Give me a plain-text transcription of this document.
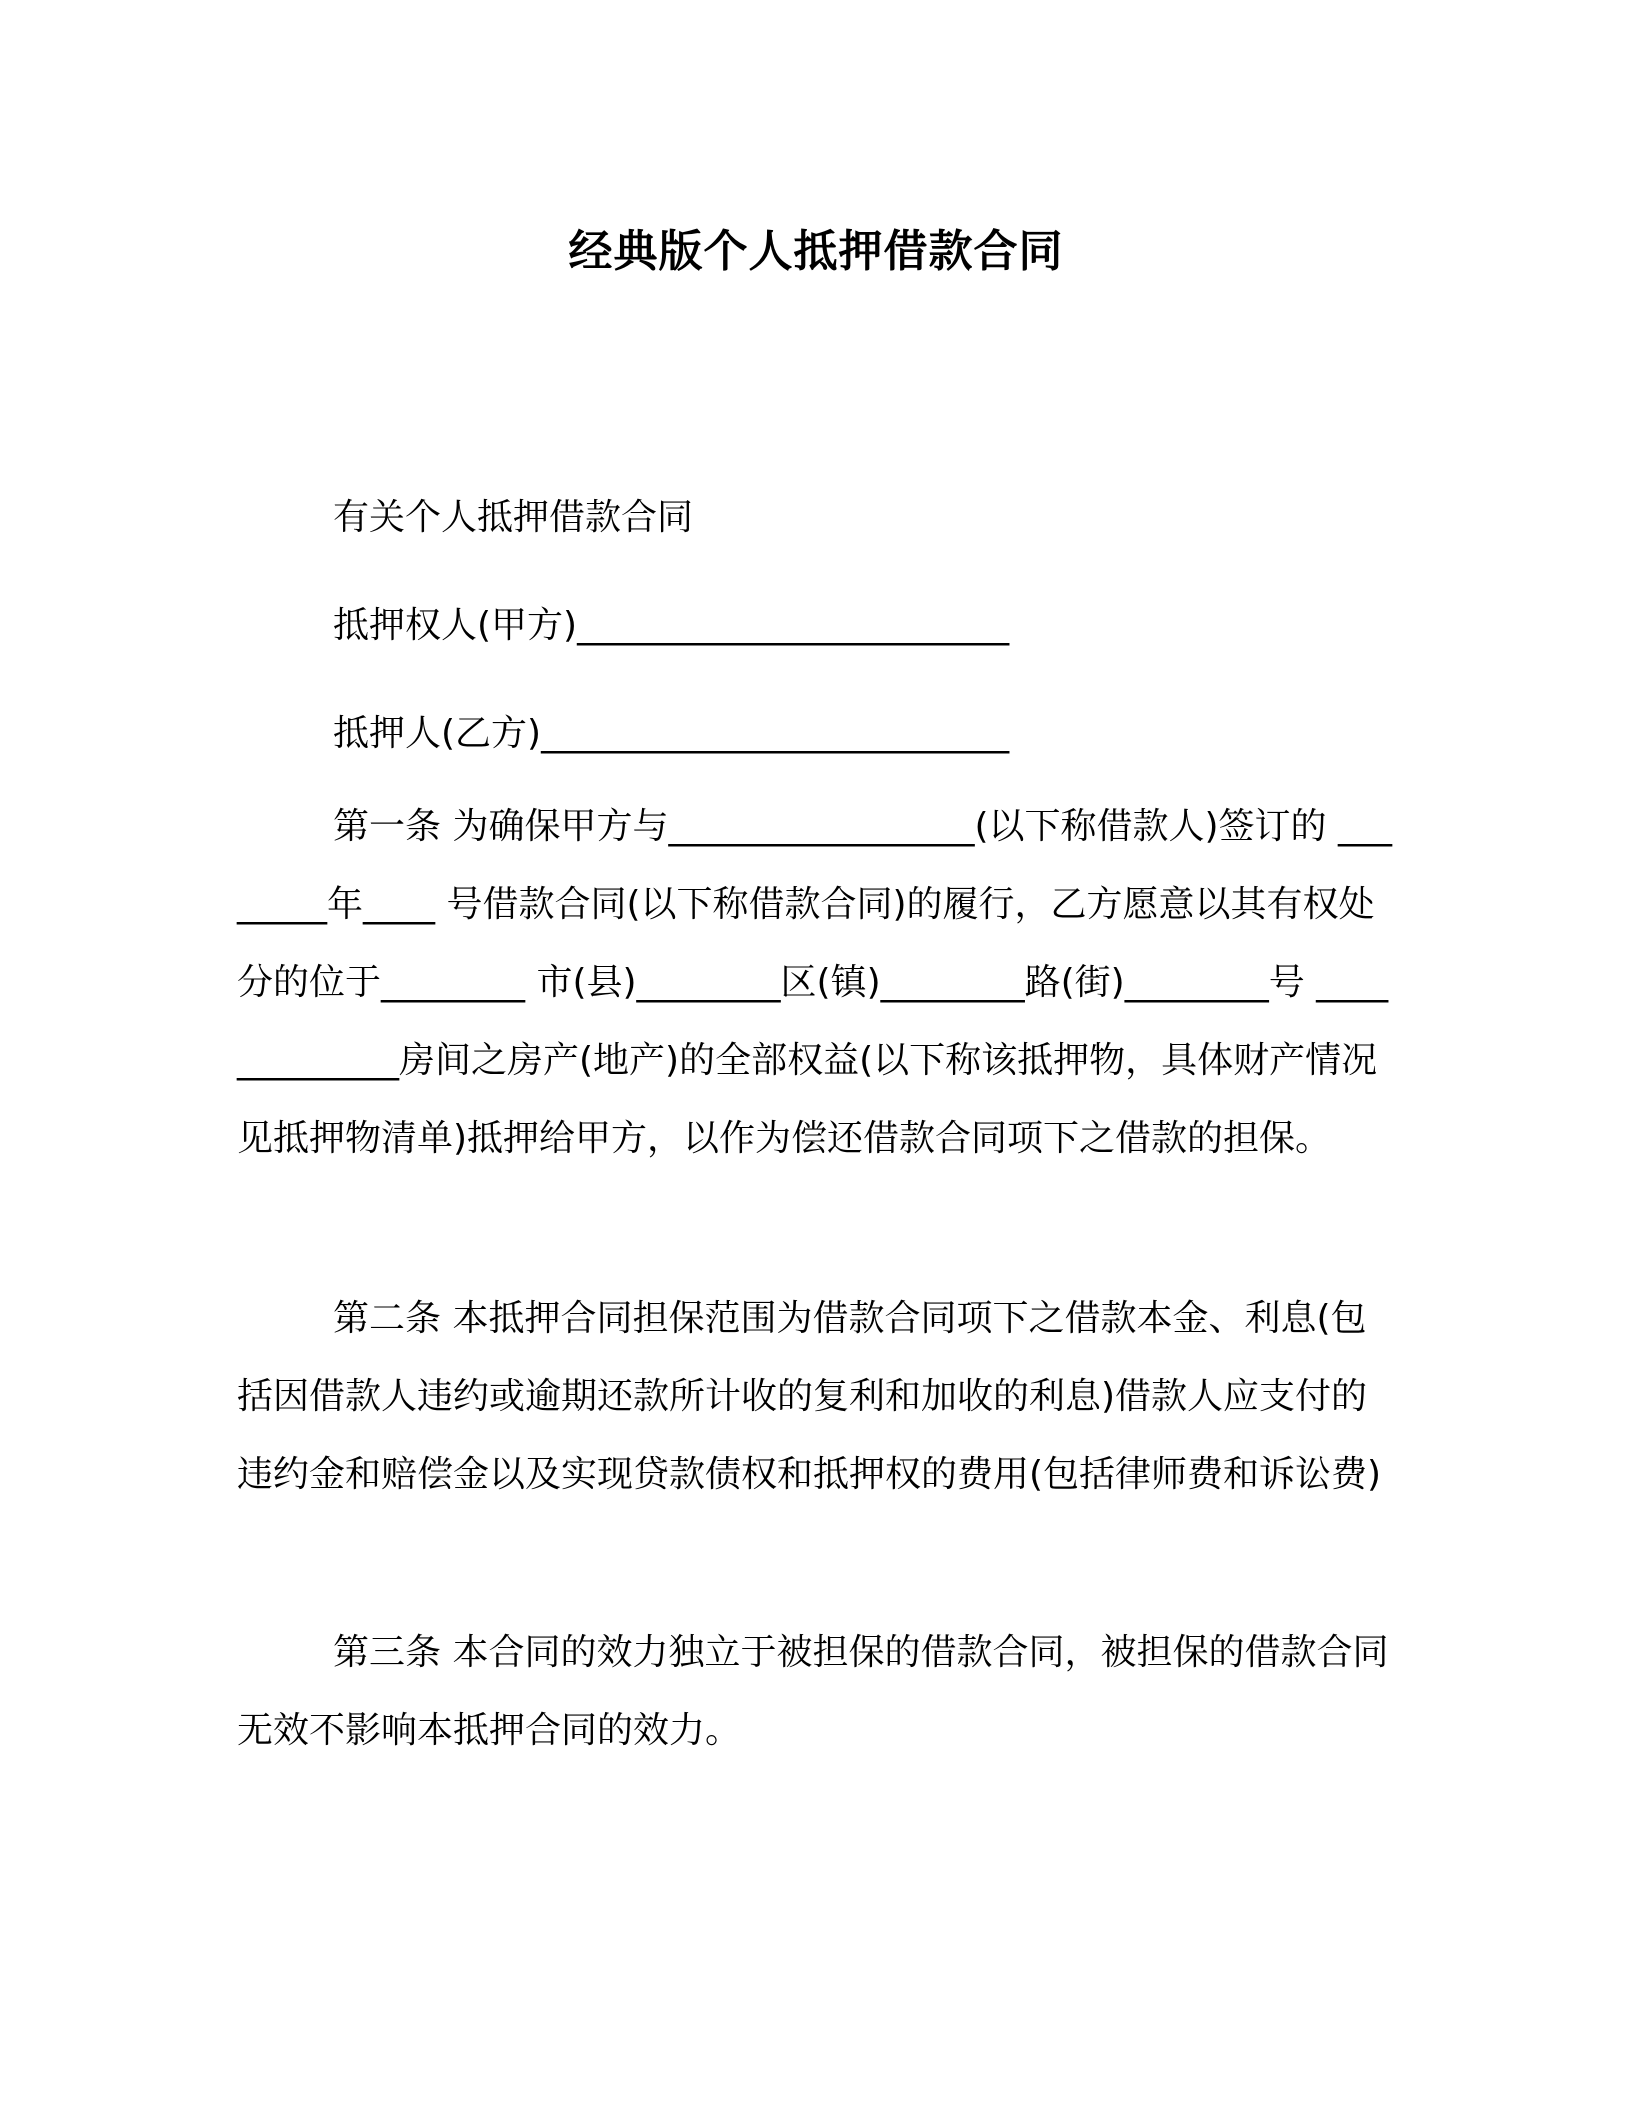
经典版个人抵押借款合同
有关个人抵押借款合同
抵押权人(甲方)________________________
抵押人(乙方)__________________________

第一条 为确保甲方与_________________(以下称借款人)签订的 ________年____ 号借款合同(以下称借款合同)的履行，乙方愿意以其有权处分的位于________ 市(县)________区(镇)________路(街)________号 _____________房间之房产(地产)的全部权益(以下称该抵押物，具体财产情况见抵押物清单)抵押给甲方，以作为偿还借款合同项下之借款的担保。

第二条 本抵押合同担保范围为借款合同项下之借款本金、利息(包括因借款人违约或逾期还款所计收的复利和加收的利息)借款人应支付的违约金和赔偿金以及实现贷款债权和抵押权的费用(包括律师费和诉讼费)

第三条 本合同的效力独立于被担保的借款合同，被担保的借款合同无效不影响本抵押合同的效力。
